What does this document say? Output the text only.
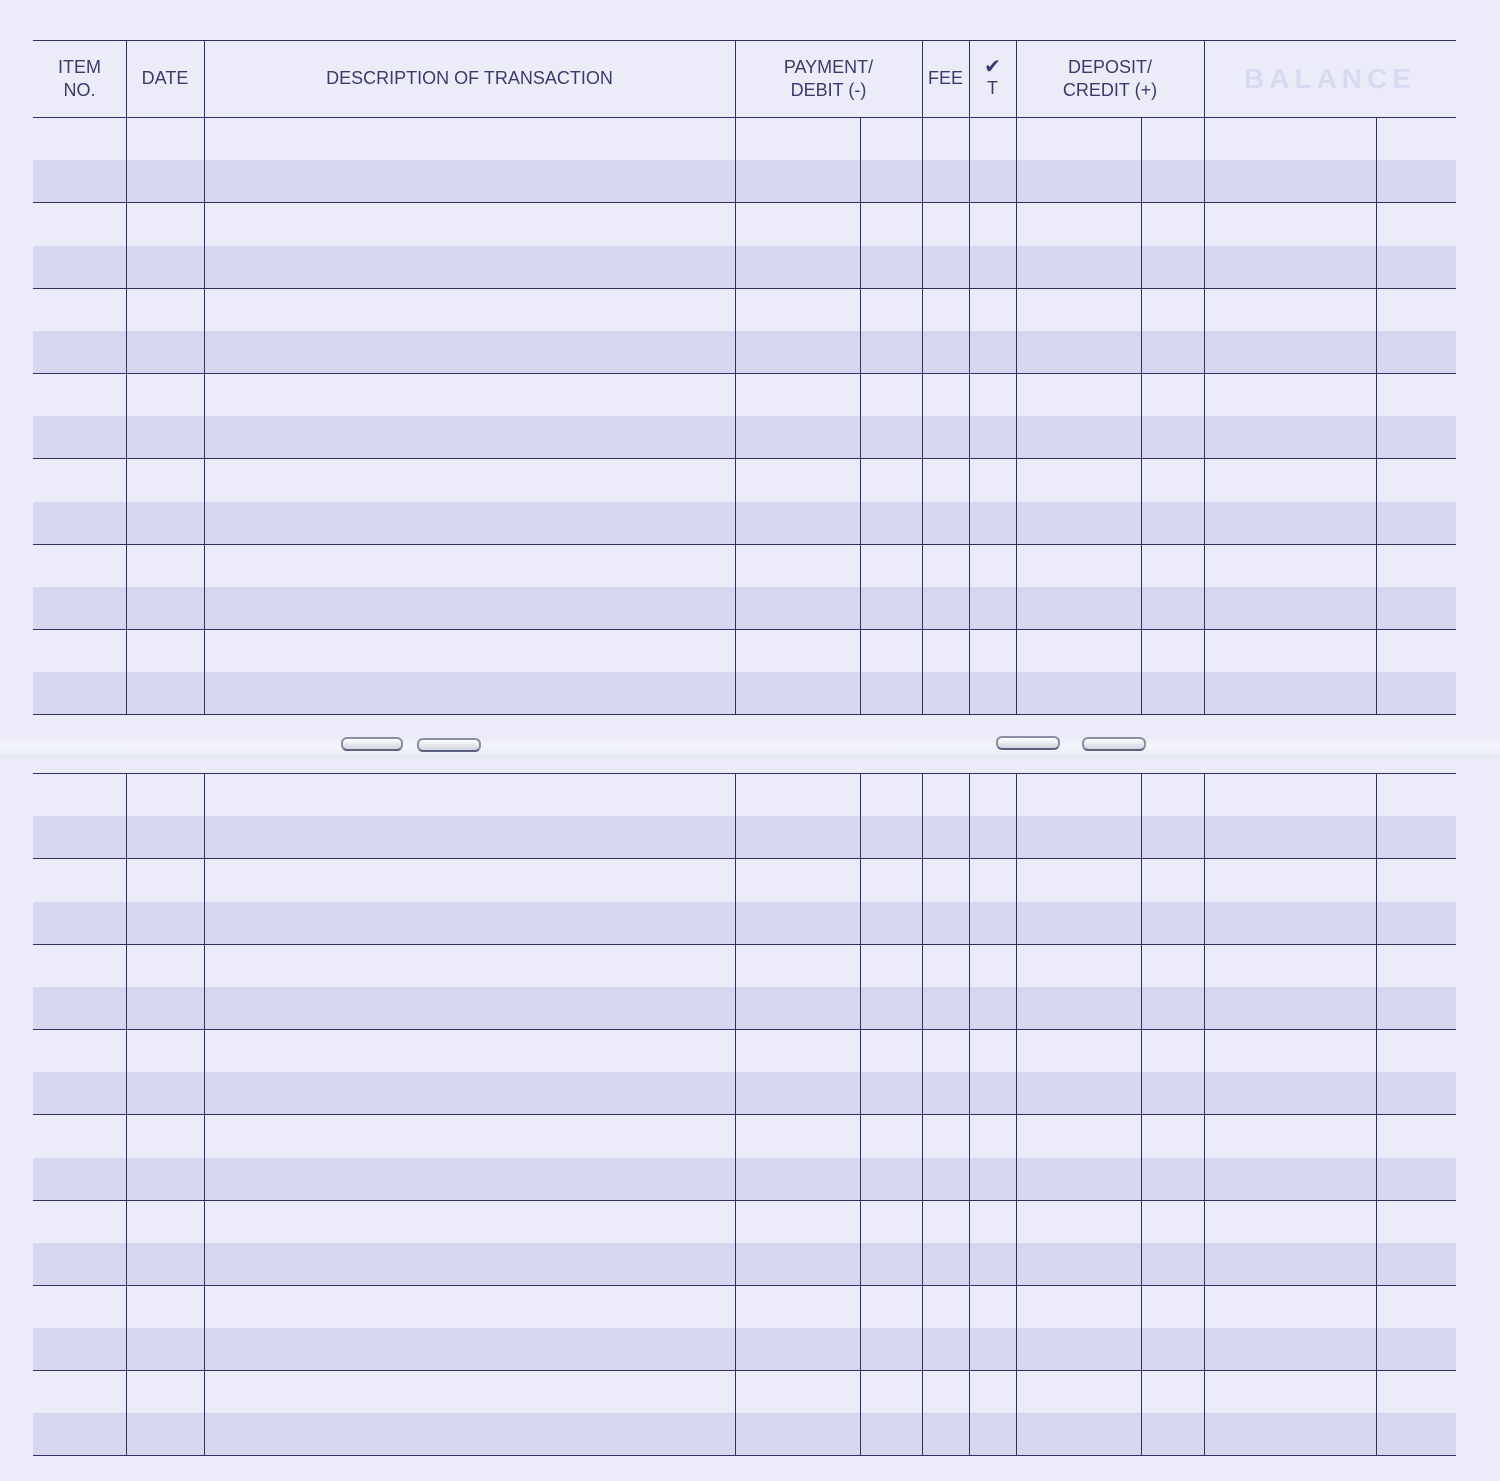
ITEM
NO.
DATE	DESCRIPTION OF TRANSACTION
PAYMENT/
DEBIT (-)
FEE ✔
T
DEPOSIT/
CREDIT (+)	BALANCE
